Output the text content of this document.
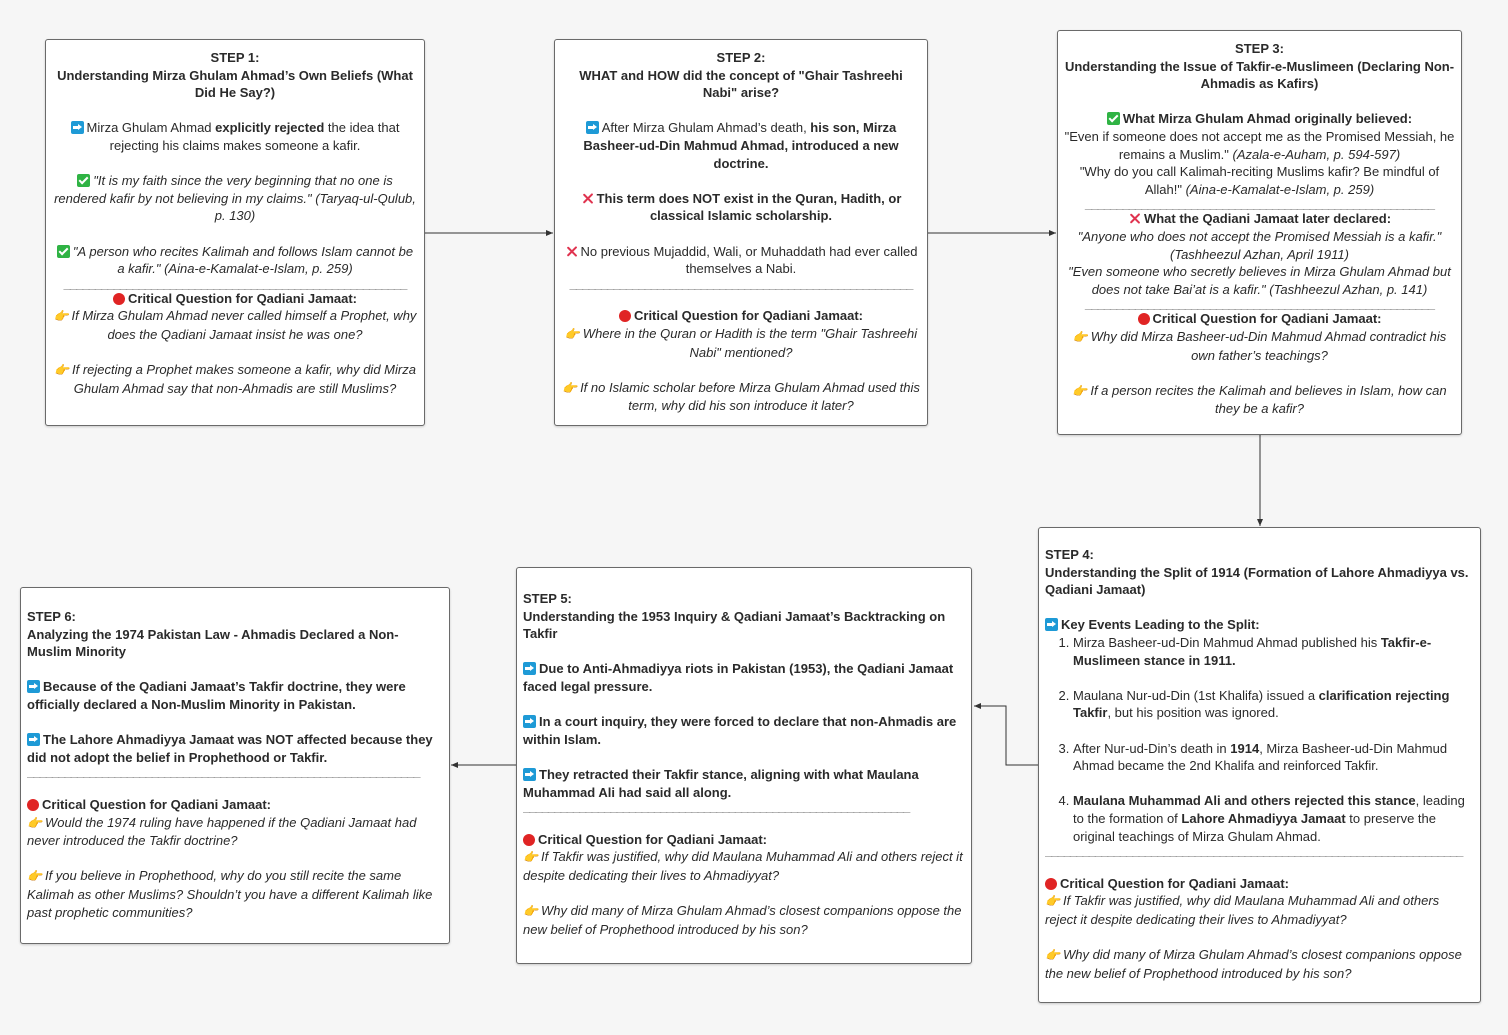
STEP 1:

Understanding Mirza Ghulam Ahmad’s Own Beliefs (What Did He Say?)

Mirza Ghulam Ahmad explicitly rejected the idea that rejecting his claims makes someone a kafir.

"It is my faith since the very beginning that no one is rendered kafir by not believing in my claims." (Taryaq-ul-Qulub, p. 130)

"A person who recites Kalimah and follows Islam cannot be a kafir." (Aina-e-Kamalat-e-Islam, p. 259)

_______________________________________________________

Critical Question for Qadiani Jamaat:

👉 If Mirza Ghulam Ahmad never called himself a Prophet, why does the Qadiani Jamaat insist he was one?

👉 If rejecting a Prophet makes someone a kafir, why did Mirza Ghulam Ahmad say that non-Ahmadis are still Muslims?

STEP 2:

WHAT and HOW did the concept of "Ghair Tashreehi Nabi" arise?

After Mirza Ghulam Ahmad’s death, his son, Mirza Basheer-ud-Din Mahmud Ahmad, introduced a new doctrine.

This term does NOT exist in the Quran, Hadith, or classical Islamic scholarship.

No previous Mujaddid, Wali, or Muhaddath had ever called themselves a Nabi.

_______________________________________________________

Critical Question for Qadiani Jamaat:

👉 Where in the Quran or Hadith is the term "Ghair Tashreehi Nabi" mentioned?

👉 If no Islamic scholar before Mirza Ghulam Ahmad used this term, why did his son introduce it later?

STEP 3:

Understanding the Issue of Takfir-e-Muslimeen (Declaring Non-Ahmadis as Kafirs)

What Mirza Ghulam Ahmad originally believed:

"Even if someone does not accept me as the Promised Messiah, he remains a Muslim." (Azala-e-Auham, p. 594-597)

"Why do you call Kalimah-reciting Muslims kafir? Be mindful of Allah!" (Aina-e-Kamalat-e-Islam, p. 259)

________________________________________________________

What the Qadiani Jamaat later declared:

"Anyone who does not accept the Promised Messiah is a kafir." (Tashheezul Azhan, April 1911)

"Even someone who secretly believes in Mirza Ghulam Ahmad but does not take Bai’at is a kafir." (Tashheezul Azhan, p. 141)

________________________________________________________

Critical Question for Qadiani Jamaat:

👉 Why did Mirza Basheer-ud-Din Mahmud Ahmad contradict his own father’s teachings?

👉 If a person recites the Kalimah and believes in Islam, how can they be a kafir?

STEP 4:

Understanding the Split of 1914 (Formation of Lahore Ahmadiyya vs. Qadiani Jamaat)

Key Events Leading to the Split:

1. Mirza Basheer-ud-Din Mahmud Ahmad published his Takfir-e-Muslimeen stance in 1911.
2. Maulana Nur-ud-Din (1st Khalifa) issued a clarification rejecting Takfir, but his position was ignored.
3. After Nur-ud-Din’s death in 1914, Mirza Basheer-ud-Din Mahmud Ahmad became the 2nd Khalifa and reinforced Takfir.
4. Maulana Muhammad Ali and others rejected this stance, leading to the formation of Lahore Ahmadiyya Jamaat to preserve the original teachings of Mirza Ghulam Ahmad.

___________________________________________________________________

Critical Question for Qadiani Jamaat:

👉 If Takfir was justified, why did Maulana Muhammad Ali and others reject it despite dedicating their lives to Ahmadiyyat?

👉 Why did many of Mirza Ghulam Ahmad’s closest companions oppose the new belief of Prophethood introduced by his son?

STEP 5:

Understanding the 1953 Inquiry & Qadiani Jamaat’s Backtracking on Takfir

Due to Anti-Ahmadiyya riots in Pakistan (1953), the Qadiani Jamaat faced legal pressure.

In a court inquiry, they were forced to declare that non-Ahmadis are within Islam.

They retracted their Takfir stance, aligning with what Maulana Muhammad Ali had said all along.

______________________________________________________________

Critical Question for Qadiani Jamaat:

👉 If Takfir was justified, why did Maulana Muhammad Ali and others reject it despite dedicating their lives to Ahmadiyyat?

👉 Why did many of Mirza Ghulam Ahmad’s closest companions oppose the new belief of Prophethood introduced by his son?

STEP 6:

Analyzing the 1974 Pakistan Law - Ahmadis Declared a Non-Muslim Minority

Because of the Qadiani Jamaat’s Takfir doctrine, they were officially declared a Non-Muslim Minority in Pakistan.

The Lahore Ahmadiyya Jamaat was NOT affected because they did not adopt the belief in Prophethood or Takfir.

_______________________________________________________________

Critical Question for Qadiani Jamaat:

👉 Would the 1974 ruling have happened if the Qadiani Jamaat had never introduced the Takfir doctrine?

👉 If you believe in Prophethood, why do you still recite the same Kalimah as other Muslims? Shouldn’t you have a different Kalimah like past prophetic communities?
